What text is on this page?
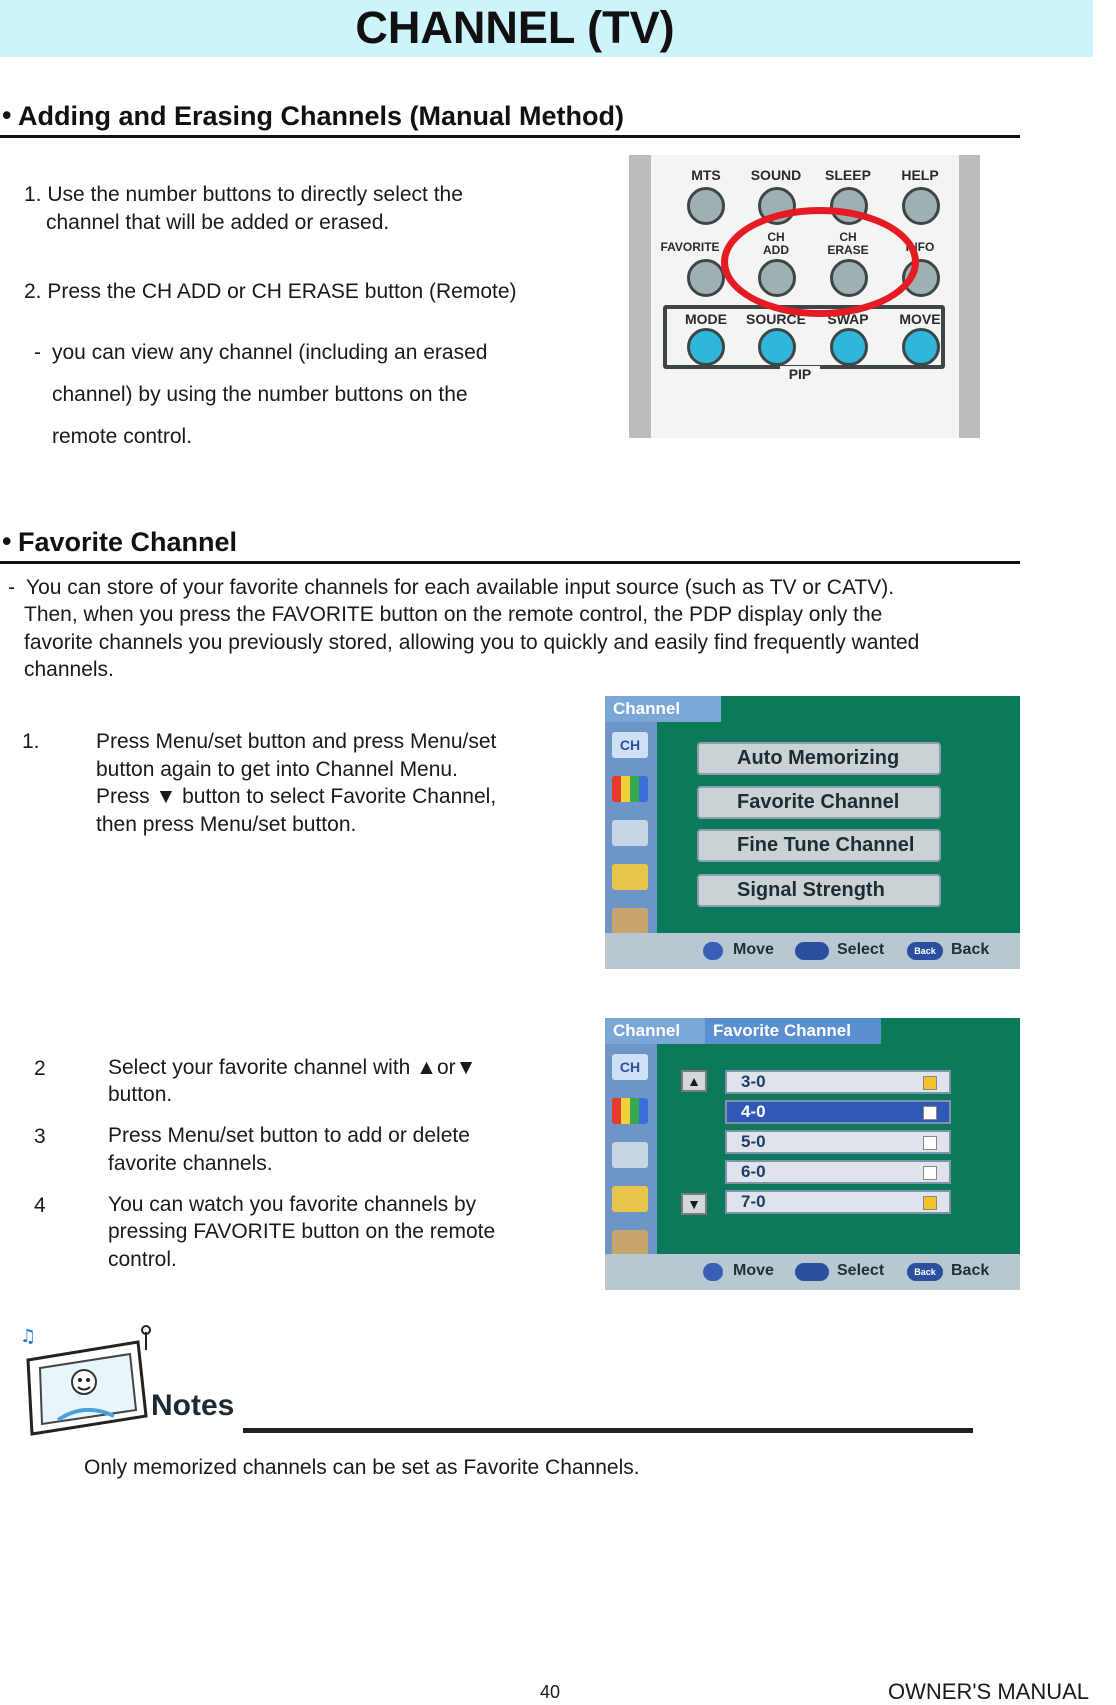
CHANNEL (TV)
• Adding and Erasing Channels (Manual Method)
1. Use the number buttons to directly select the
channel that will be added or erased.
2. Press the CH ADD or CH ERASE button (Remote)
- you can view any channel (including an erased
channel) by using the number buttons on the
remote control.
MTS	SOUND	SLEEP	HELP
FAVORITE
CH
ADD
CH
ERASE	INFO
MODE	SOURCE	SWAP	MOVE
PIP
• Favorite Channel
- You can store of your favorite channels for each available input source (such as TV or CATV).
Then, when you press the FAVORITE button on the remote control, the PDP display only the
favorite channels you previously stored, allowing you to quickly and easily find frequently wanted
channels.
1.	Press Menu/set button and press Menu/set
button again to get into Channel Menu.
Press ▼ button to select Favorite Channel,
then press Menu/set button.
2	Select your favorite channel with ▲or▼
button.
3	Press Menu/set button to add or delete
favorite channels.
4	You can watch you favorite channels by
pressing FAVORITE button on the remote
control.
Channel
CH
Auto Memorizing
Favorite Channel
Fine Tune Channel
Signal Strength
Move	Select	Back Back
Channel	Favorite Channel
CH
▲
▼
3-0
4-0
5-0
6-0
7-0
Move	Select	Back Back
♫
Notes
Only memorized channels can be set as Favorite Channels.
40	OWNER'S MANUAL
